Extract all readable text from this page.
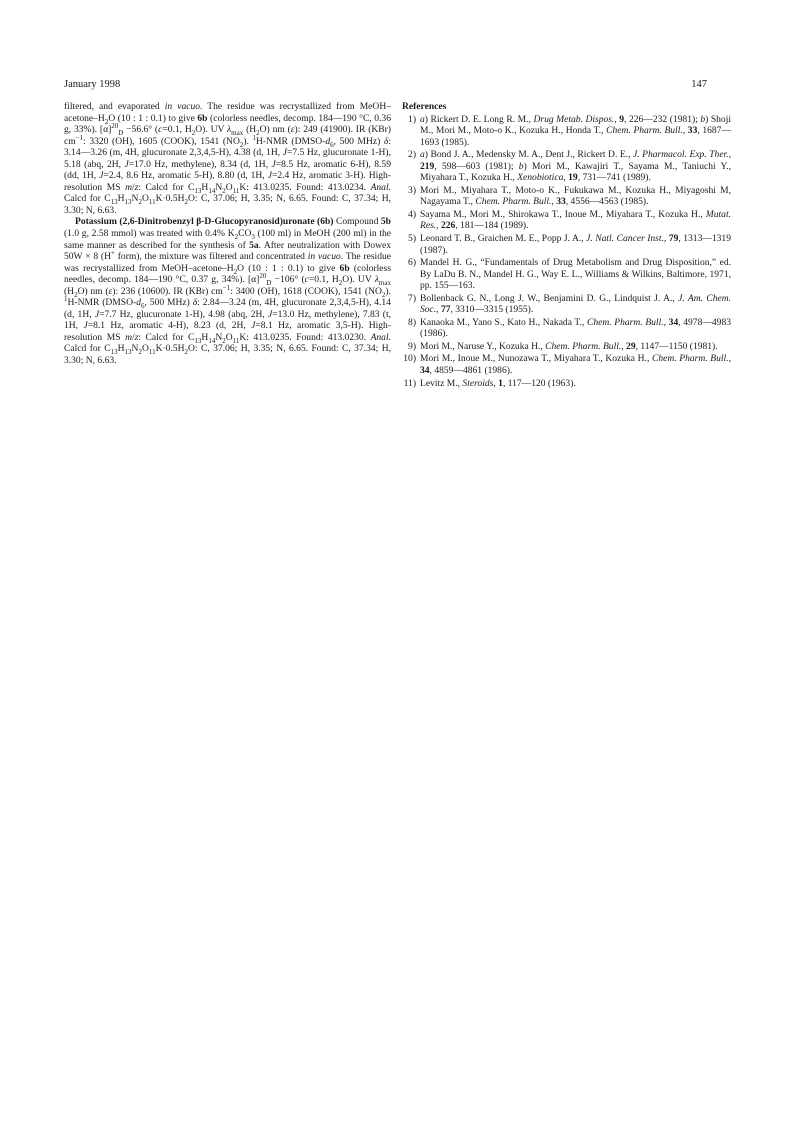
January 1998	147

filtered, and evaporated in vacuo. The residue was recrystallized from MeOH–$acetone-H_2O$ (10 : 1 : 0.1) to give 6b (colorless needles, decomp. 184—190 °C, 0.36 g, 33%). $[\alpha]^{20}_D -56.6^\circ$ (c=0.1, $H_2O$). UV $\lambda_{max}$ $(H_2O)$ nm (ε): 249 (41900). IR (KBr) $cm^{-1}$: 3320 (OH), 1605 (COOK), 1541 $(NO_2)$. $^1$H-NMR ($DMSO-d_6$, 500 MHz) δ: 3.14—3.26 (m, 4H, glucuronate 2,3,4,5-H), 4.38 (d, 1H, J=7.5 Hz, glucuronate 1-H), 5.18 (abq, 2H, J=17.0 Hz, methylene), 8.34 (d, 1H, J=8.5 Hz, aromatic 6-H), 8.59 (dd, 1H, J=2.4, 8.6 Hz, aromatic 5-H), 8.80 (d, 1H, J=2.4 Hz, aromatic 3-H). High-resolution MS m/z: Calcd for $C_{13}H_{14}N_2O_{11}K$: 413.0235. Found: 413.0234. Anal. Calcd for $C_{13}H_{13}N_2O_{11}K\cdot 0.5H_2O$: C, 37.06; H, 3.35; N, 6.65. Found: C, 37.34; H, 3.30; N, 6.63.

Potassium (2,6-Dinitrobenzyl β-D-Glucopyranosid)uronate (6b) Compound 5b (1.0 g, 2.58 mmol) was treated with 0.4% $K_2CO_3$ (100 ml) in MeOH (200 ml) in the same manner as described for the synthesis of 5a. After neutralization with Dowex 50W × 8 (H+ form), the mixture was filtered and concentrated in vacuo. The residue was recrystallized from MeOH–$acetone-H_2O$ (10 : 1 : 0.1) to give 6b (colorless needles, decomp. 184—190 °C, 0.37 g, 34%). $[\alpha]^{20}_D -106^\circ$ (c=0.1, $H_2O$). UV $\lambda_{max}$ $(H_2O)$ nm (ε): 236 (10600). IR (KBr) $cm^{-1}$: 3400 (OH), 1618 (COOK), 1541 $(NO_2)$. $^1$H-NMR ($DMSO-d_6$, 500 MHz) δ: 2.84—3.24 (m, 4H, glucuronate 2,3,4,5-H), 4.14 (d, 1H, J=7.7 Hz, glucuronate 1-H), 4.98 (abq, 2H, J=13.0 Hz, methylene), 7.83 (t, 1H, J=8.1 Hz, aromatic 4-H), 8.23 (d, 2H, J=8.1 Hz, aromatic 3,5-H). High-resolution MS m/z: Calcd for $C_{13}H_{14}N_2O_{11}K$: 413.0235. Found: 413.0230. Anal. Calcd for $C_{13}H_{13}N_2O_{11}K\cdot 0.5H_2O$: C, 37.06; H, 3.35; N, 6.65. Found: C, 37.34; H, 3.30; N, 6.63.

References
1) a) Rickert D. E. Long R. M., Drug Metab. Dispos., 9, 226—232 (1981); b) Shoji M., Mori M., Moto-o K., Kozuka H., Honda T., Chem. Pharm. Bull., 33, 1687—1693 (1985).
2) a) Bond J. A., Medensky M. A., Dent J., Rickert D. E., J. Pharmacol. Exp. Ther., 219, 598—603 (1981); b) Mori M., Kawajiri T., Sayama M., Taniuchi Y., Miyahara T., Kozuka H., Xenobiotica, 19, 731—741 (1989).
3) Mori M., Miyahara T., Moto-o K., Fukukawa M., Kozuka H., Miyagoshi M, Nagayama T., Chem. Pharm. Bull., 33, 4556—4563 (1985).
4) Sayama M., Mori M., Shirokawa T., Inoue M., Miyahara T., Kozuka H., Mutat. Res., 226, 181—184 (1989).
5) Leonard T. B., Graichen M. E., Popp J. A., J. Natl. Cancer Inst., 79, 1313—1319 (1987).
6) Mandel H. G., “Fundamentals of Drug Metabolism and Drug Disposition,” ed. By LaDu B. N., Mandel H. G., Way E. L., Williams & Wilkins, Baltimore, 1971, pp. 155—163.
7) Bollenback G. N., Long J. W., Benjamini D. G., Lindquist J. A., J. Am. Chem. Soc., 77, 3310—3315 (1955).
8) Kanaoka M., Yano S., Kato H., Nakada T., Chem. Pharm. Bull., 34, 4978—4983 (1986).
9) Mori M., Naruse Y., Kozuka H., Chem. Pharm. Bull., 29, 1147—1150 (1981).
10) Mori M., Inoue M., Nunozawa T., Miyahara T., Kozuka H., Chem. Pharm. Bull., 34, 4859—4861 (1986).
11) Levitz M., Steroids, 1, 117—120 (1963).
